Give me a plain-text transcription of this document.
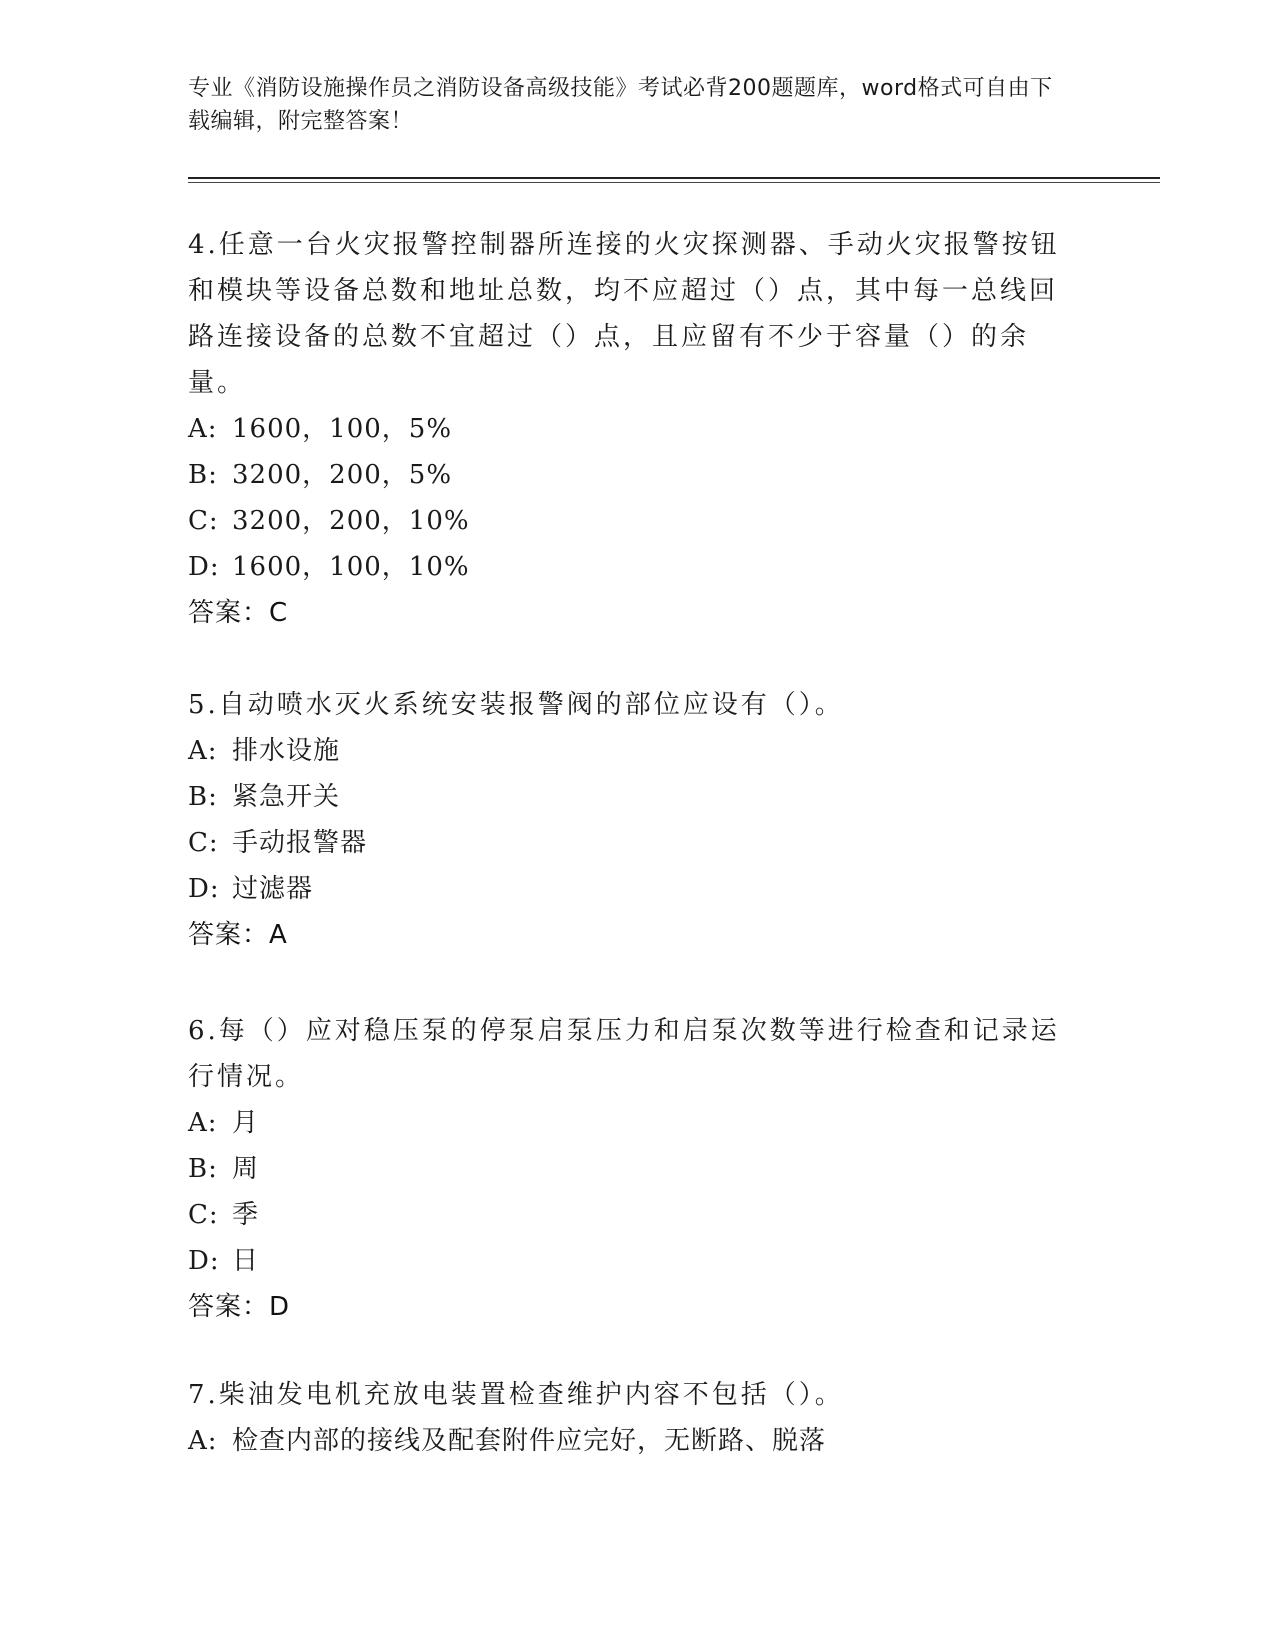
专业《消防设施操作员之消防设备高级技能》考试必背200题题库，word格式可自由下载编辑，附完整答案！
4.任意一台火灾报警控制器所连接的火灾探测器、手动火灾报警按钮和模块等设备总数和地址总数，均不应超过（）点，其中每一总线回路连接设备的总数不宜超过（）点，且应留有不少于容量（）的余量。
A: 1600，100，5%
B: 3200，200，5%
C: 3200，200，10%
D: 1600，100，10%
答案：C
5.自动喷水灭火系统安装报警阀的部位应设有（）。
A: 排水设施
B: 紧急开关
C: 手动报警器
D: 过滤器
答案：A
6.每（）应对稳压泵的停泵启泵压力和启泵次数等进行检查和记录运行情况。
A: 月
B: 周
C: 季
D: 日
答案：D
7.柴油发电机充放电装置检查维护内容不包括（）。
A: 检查内部的接线及配套附件应完好，无断路、脱落
